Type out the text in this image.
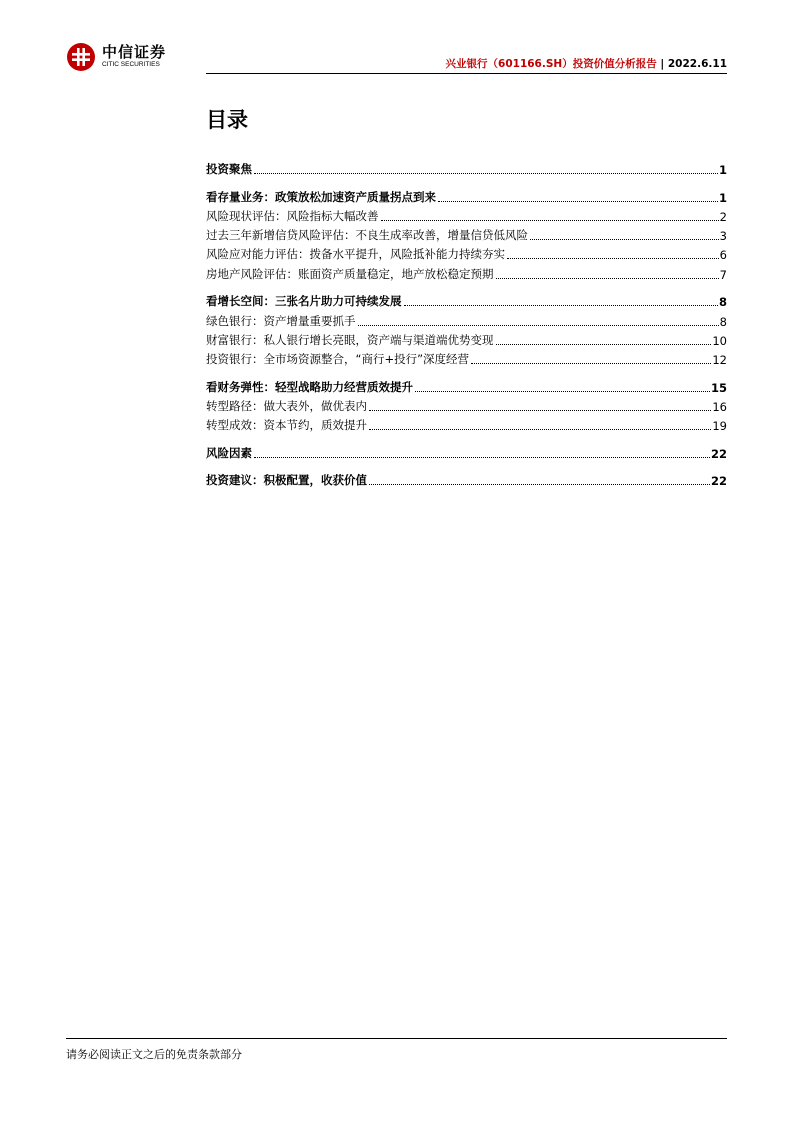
中信证券
CITIC SECURITIES	兴业银行（601166.SH）投资价值分析报告 | 2022.6.11
目录
投资聚焦	1
看存量业务：政策放松加速资产质量拐点到来	1
风险现状评估：风险指标大幅改善	2
过去三年新增信贷风险评估：不良生成率改善，增量信贷低风险	3
风险应对能力评估：拨备水平提升，风险抵补能力持续夯实	6
房地产风险评估：账面资产质量稳定，地产放松稳定预期	7
看增长空间：三张名片助力可持续发展	8
绿色银行：资产增量重要抓手	8
财富银行：私人银行增长亮眼，资产端与渠道端优势变现	10
投资银行：全市场资源整合，“商行+投行”深度经营	12
看财务弹性：轻型战略助力经营质效提升	15
转型路径：做大表外，做优表内	16
转型成效：资本节约，质效提升	19
风险因素	22
投资建议：积极配置，收获价值	22
请务必阅读正文之后的免责条款部分
